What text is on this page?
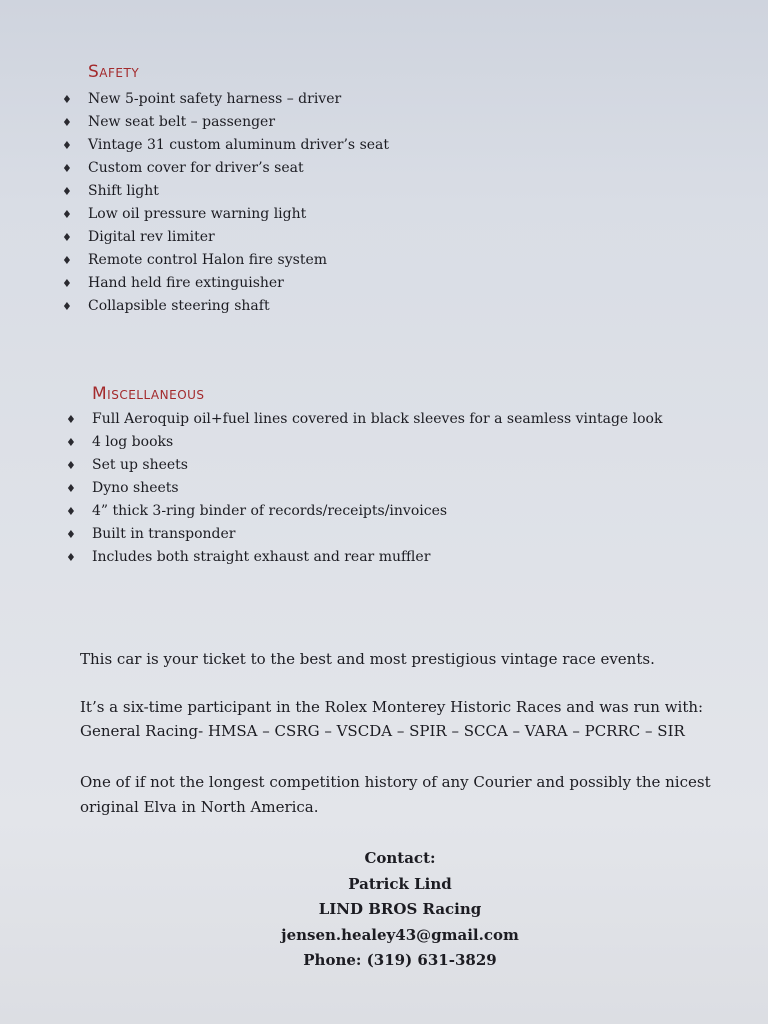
Safety
♦ New 5-point safety harness – driver
♦ New seat belt – passenger
♦ Vintage 31 custom aluminum driver’s seat
♦ Custom cover for driver’s seat
♦ Shift light
♦ Low oil pressure warning light
♦ Digital rev limiter
♦ Remote control Halon fire system
♦ Hand held fire extinguisher
♦ Collapsible steering shaft
Miscellaneous
♦ Full Aeroquip oil+fuel lines covered in black sleeves for a seamless vintage look
♦ 4 log books
♦ Set up sheets
♦ Dyno sheets
♦ 4” thick 3-ring binder of records/receipts/invoices
♦ Built in transponder
♦ Includes both straight exhaust and rear muffler

This car is your ticket to the best and most prestigious vintage race events.

It’s a six-time participant in the Rolex Monterey Historic Races and was run with:

General Racing- HMSA – CSRG – VSCDA – SPIR – SCCA – VARA – PCRRC – SIR

One of if not the longest competition history of any Courier and possibly the nicest

original Elva in North America.

Contact:
Patrick Lind
LIND BROS Racing
jensen.healey43@gmail.com
Phone: (319) 631-3829
